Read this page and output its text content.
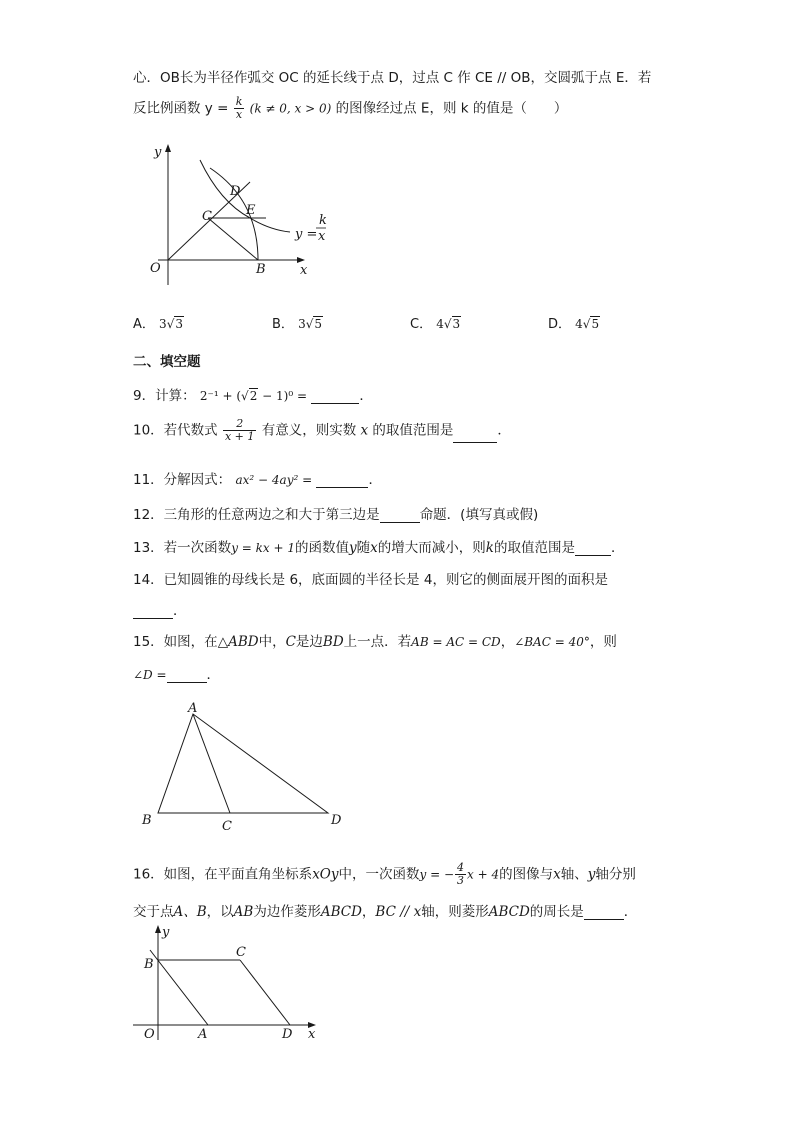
心．OB长为半径作弧交 OC 的延长线于点 D，过点 C 作 CE // OB，交圆弧于点 E．若
反比例函数 $y = \frac{k}{x} (k \ne 0$, x > 0) 的图像经过点 E，则 k 的值是（　　）
y
x
O	B
C
D
E
y =
k
x
A． 3√3	B． 3√5	C． 4√3	D． 4√5
二、填空题
9．计算： 2⁻¹ + (√2 − 1)⁰ =	．
10．若代数式 $\frac{2}{x + 1}$ 有意义，则实数 x 的取值范围是	．
11．分解因式： ax² − 4ay² =	．
12．三角形的任意两边之和大于第三边是	命题．(填写真或假)
13．若一次函数y = kx + 1的函数值y随x的增大而减小，则k的取值范围是	．
14．已知圆锥的母线长是 6，底面圆的半径长是 4，则它的侧面展开图的面积是
．
15．如图，在△ABD中，C是边BD上一点．若AB = AC = CD，∠BAC = 40°，则
∠D =	．
A
B	C	D
16．如图，在平面直角坐标系xOy中，一次函数y = − $\frac{4}{3}$ x + 4的图像与x轴、y轴分别
交于点A、B，以AB为边作菱形ABCD，BC // x轴，则菱形ABCD的周长是	．
y
x
O	A
B
C
D
